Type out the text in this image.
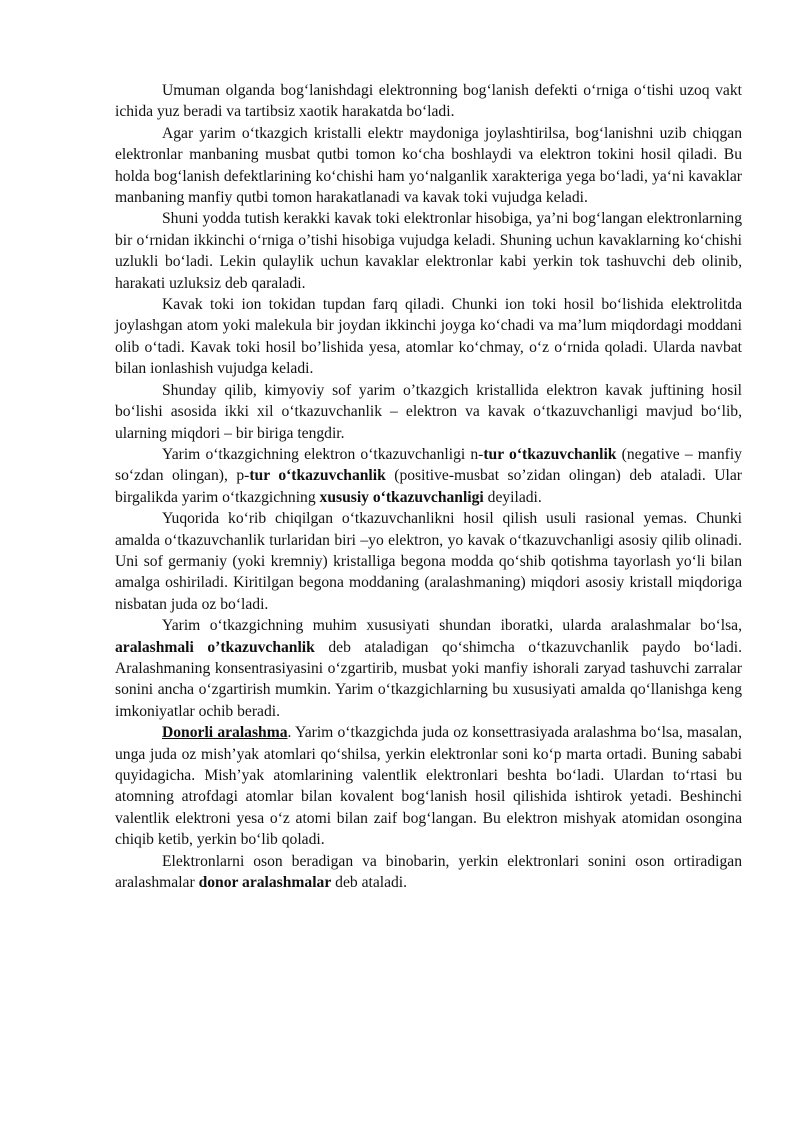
Umuman olganda bog‘lanishdagi elektronning bog‘lanish defekti o‘rniga o‘tishi uzoq vakt ichida yuz beradi va tartibsiz xaotik harakatda bo‘ladi.

Agar yarim o‘tkazgich kristalli elektr maydoniga joylashtirilsa, bog‘lanishni uzib chiqgan elektronlar manbaning musbat qutbi tomon ko‘cha boshlaydi va elektron tokini hosil qiladi. Bu holda bog‘lanish defektlarining ko‘chishi ham yo‘nalganlik xarakteriga yega bo‘ladi, ya‘ni kavaklar manbaning manfiy qutbi tomon harakatlanadi va kavak toki vujudga keladi.

Shuni yodda tutish kerakki kavak toki elektronlar hisobiga, ya’ni bog‘langan elektronlarning bir o‘rnidan ikkinchi o‘rniga o’tishi hisobiga vujudga keladi. Shuning uchun kavaklarning ko‘chishi uzlukli bo‘ladi. Lekin qulaylik uchun kavaklar elektronlar kabi yerkin tok tashuvchi deb olinib, harakati uzluksiz deb qaraladi.

Kavak toki ion tokidan tupdan farq qiladi. Chunki ion toki hosil bo‘lishida elektrolitda joylashgan atom yoki malekula bir joydan ikkinchi joyga ko‘chadi va ma’lum miqdordagi moddani olib o‘tadi. Kavak toki hosil bo’lishida yesa, atomlar ko‘chmay, o‘z o‘rnida qoladi. Ularda navbat bilan ionlashish vujudga keladi.

Shunday qilib, kimyoviy sof yarim o’tkazgich kristallida elektron kavak juftining hosil bo‘lishi asosida ikki xil o‘tkazuvchanlik – elektron va kavak o‘tkazuvchanligi mavjud bo‘lib, ularning miqdori – bir biriga tengdir.

Yarim o‘tkazgichning elektron o‘tkazuvchanligi n-tur o‘tkazuvchanlik (negative – manfiy so‘zdan olingan), p-tur o‘tkazuvchanlik (positive-musbat so’zidan olingan) deb ataladi. Ular birgalikda yarim o‘tkazgichning xususiy o‘tkazuvchanligi deyiladi.

Yuqorida ko‘rib chiqilgan o‘tkazuvchanlikni hosil qilish usuli rasional yemas. Chunki amalda o‘tkazuvchanlik turlaridan biri –yo elektron, yo kavak o‘tkazuvchanligi asosiy qilib olinadi. Uni sof germaniy (yoki kremniy) kristalliga begona modda qo‘shib qotishma tayorlash yo‘li bilan amalga oshiriladi. Kiritilgan begona moddaning (aralashmaning) miqdori asosiy kristall miqdoriga nisbatan juda oz bo‘ladi.

Yarim o‘tkazgichning muhim xususiyati shundan iboratki, ularda aralashmalar bo‘lsa, aralashmali o’tkazuvchanlik deb ataladigan qo‘shimcha o‘tkazuvchanlik paydo bo‘ladi. Aralashmaning konsentrasiyasini o‘zgartirib, musbat yoki manfiy ishorali zaryad tashuvchi zarralar sonini ancha o‘zgartirish mumkin. Yarim o‘tkazgichlarning bu xususiyati amalda qo‘llanishga keng imkoniyatlar ochib beradi.

Donorli aralashma. Yarim o‘tkazgichda juda oz konsettrasiyada aralashma bo‘lsa, masalan, unga juda oz mish’yak atomlari qo‘shilsa, yerkin elektronlar soni ko‘p marta ortadi. Buning sababi quyidagicha. Mish’yak atomlarining valentlik elektronlari beshta bo‘ladi. Ulardan to‘rtasi bu atomning atrofdagi atomlar bilan kovalent bog‘lanish hosil qilishida ishtirok yetadi. Beshinchi valentlik elektroni yesa o‘z atomi bilan zaif bog‘langan. Bu elektron mishyak atomidan osongina chiqib ketib, yerkin bo‘lib qoladi.

Elektronlarni oson beradigan va binobarin, yerkin elektronlari sonini oson ortiradigan aralashmalar donor aralashmalar deb ataladi.
